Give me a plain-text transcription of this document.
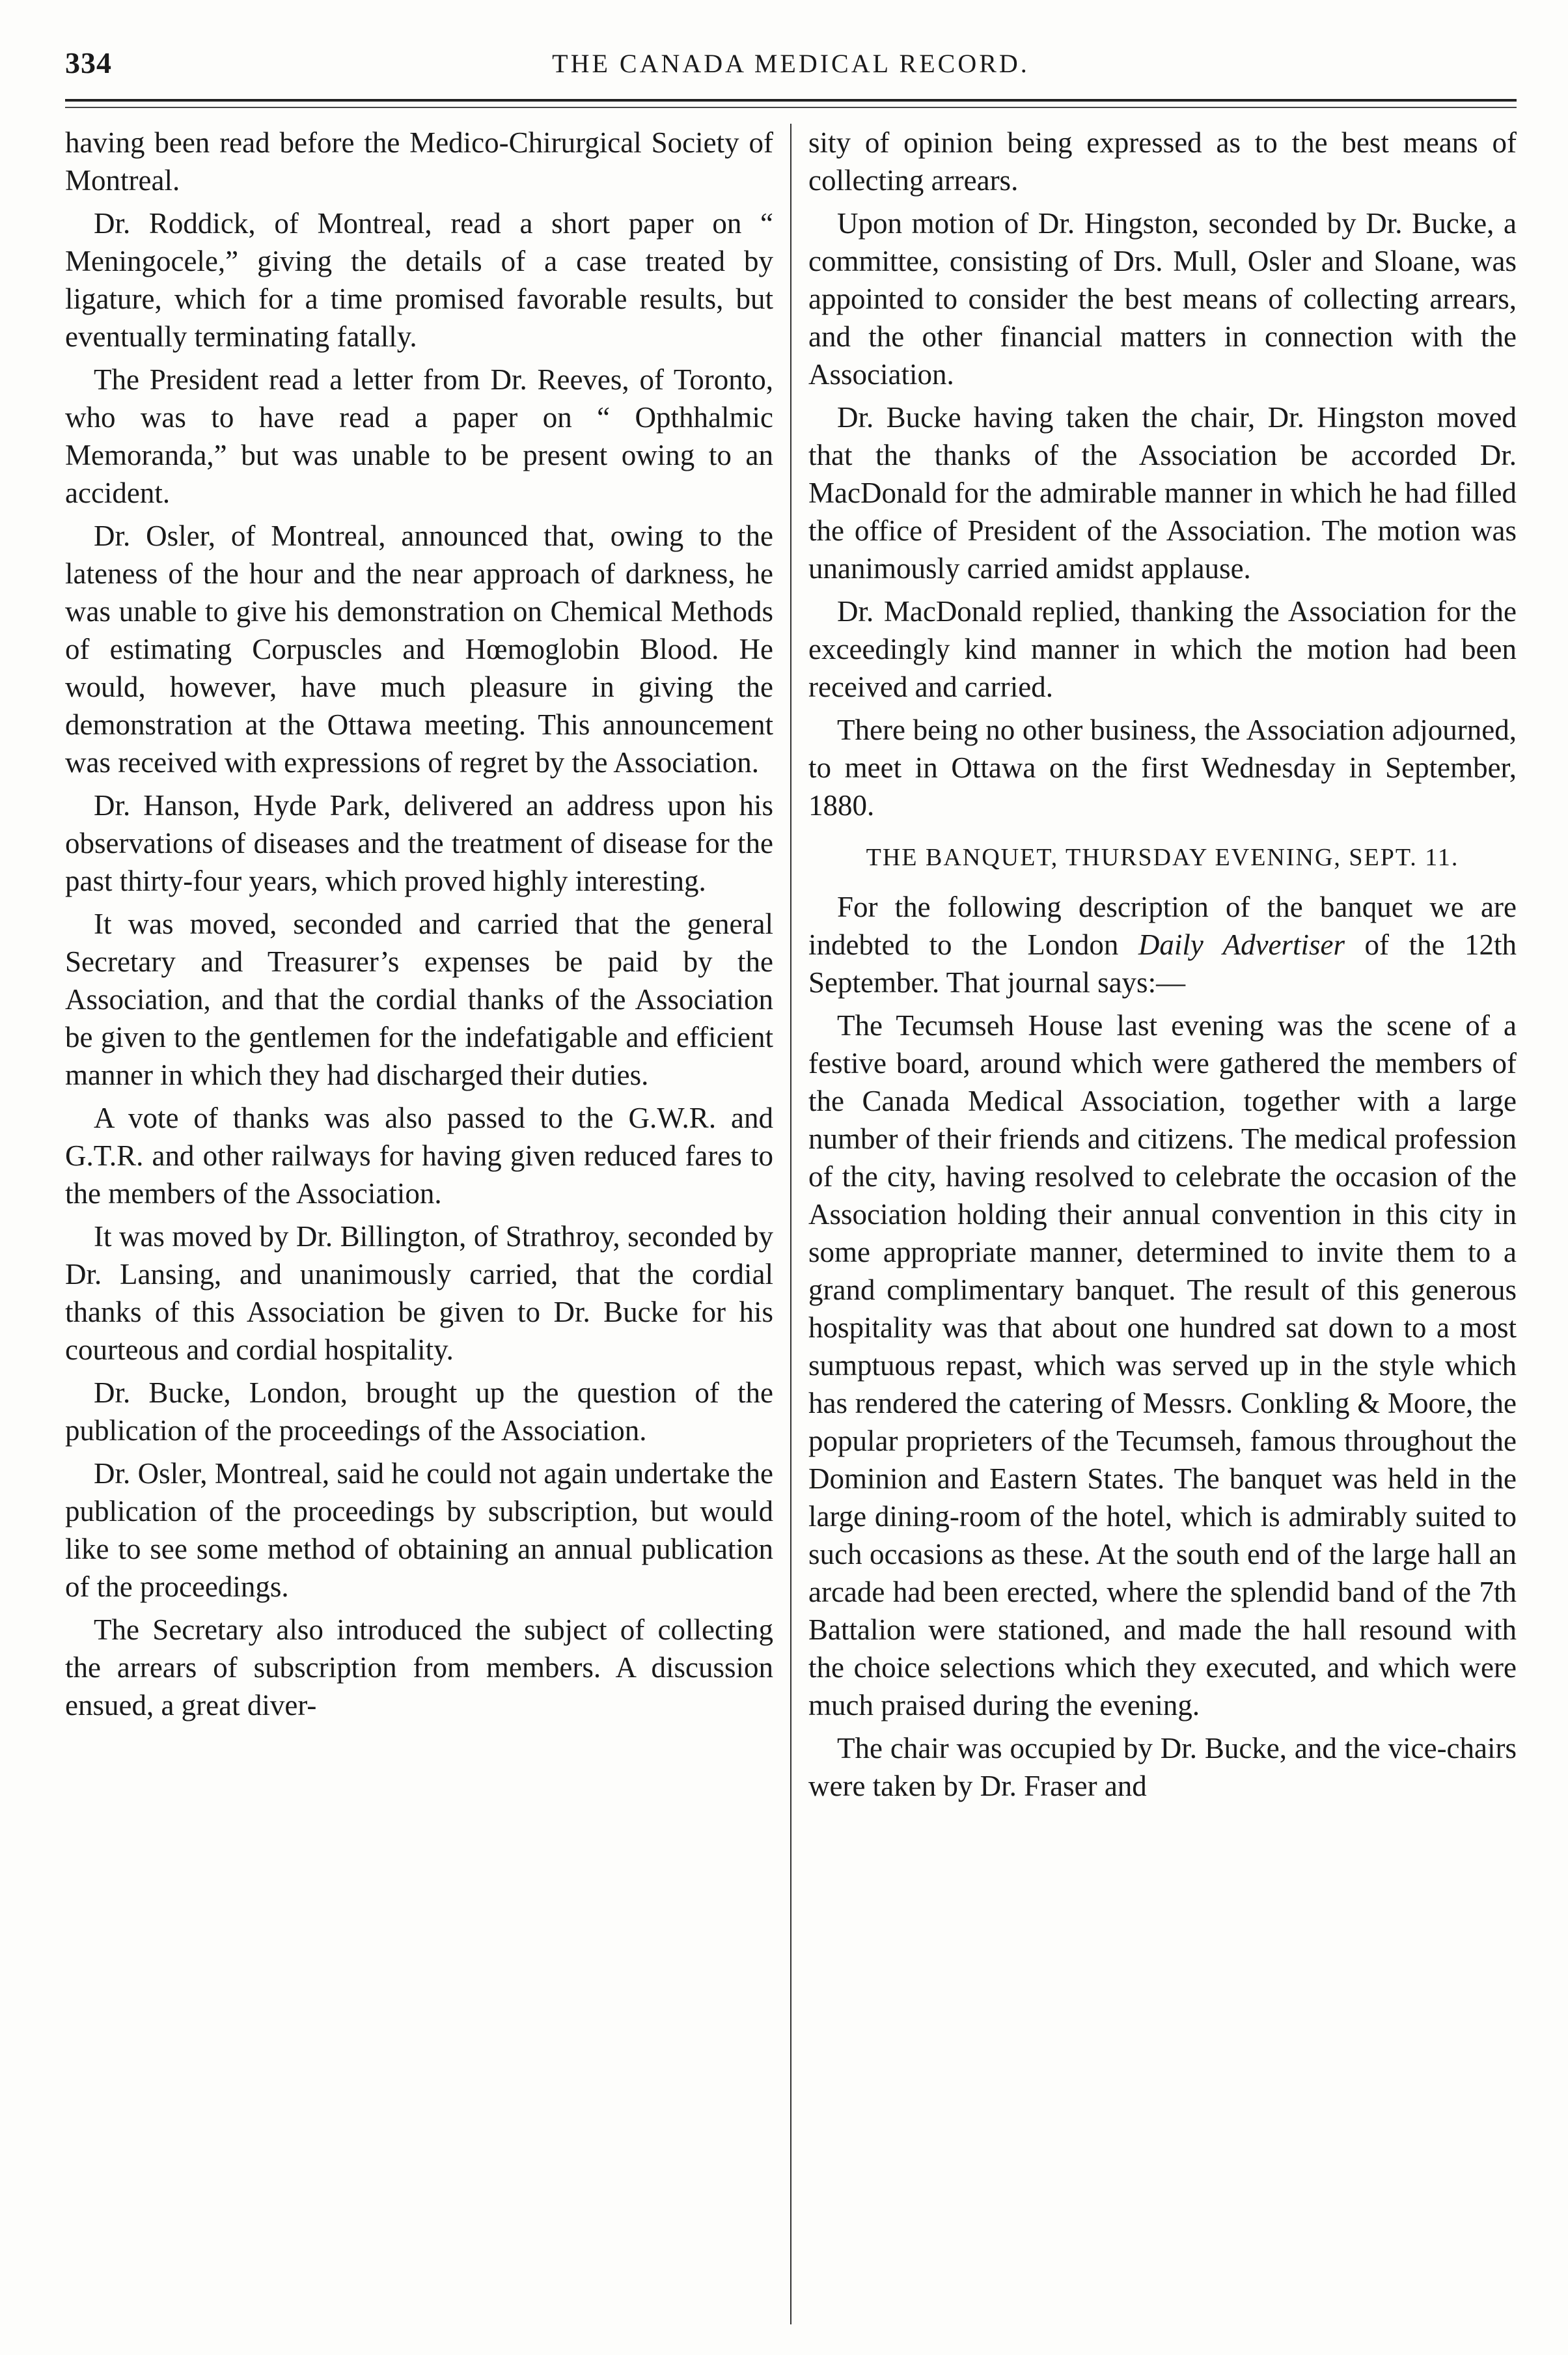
334	THE CANADA MEDICAL RECORD.

having been read before the Medico-Chirurgical Society of Montreal.

Dr. Roddick, of Montreal, read a short paper on “ Meningocele,” giving the details of a case treated by ligature, which for a time promised favorable results, but eventually terminating fatally.

The President read a letter from Dr. Reeves, of Toronto, who was to have read a paper on “ Opthhalmic Memoranda,” but was unable to be present owing to an accident.

Dr. Osler, of Montreal, announced that, owing to the lateness of the hour and the near approach of darkness, he was unable to give his demonstration on Chemical Methods of estimating Corpuscles and Hœmoglobin Blood. He would, however, have much pleasure in giving the demonstration at the Ottawa meeting. This announcement was received with expressions of regret by the Association.

Dr. Hanson, Hyde Park, delivered an address upon his observations of diseases and the treatment of disease for the past thirty-four years, which proved highly interesting.

It was moved, seconded and carried that the general Secretary and Treasurer’s expenses be paid by the Association, and that the cordial thanks of the Association be given to the gentlemen for the indefatigable and efficient manner in which they had discharged their duties.

A vote of thanks was also passed to the G.W.R. and G.T.R. and other railways for having given reduced fares to the members of the Association.

It was moved by Dr. Billington, of Strathroy, seconded by Dr. Lansing, and unanimously carried, that the cordial thanks of this Association be given to Dr. Bucke for his courteous and cordial hospitality.

Dr. Bucke, London, brought up the question of the publication of the proceedings of the Association.

Dr. Osler, Montreal, said he could not again undertake the publication of the proceedings by subscription, but would like to see some method of obtaining an annual publication of the proceedings.

The Secretary also introduced the subject of collecting the arrears of subscription from members. A discussion ensued, a great diver-

sity of opinion being expressed as to the best means of collecting arrears.

Upon motion of Dr. Hingston, seconded by Dr. Bucke, a committee, consisting of Drs. Mull, Osler and Sloane, was appointed to consider the best means of collecting arrears, and the other financial matters in connection with the Association.

Dr. Bucke having taken the chair, Dr. Hingston moved that the thanks of the Association be accorded Dr. MacDonald for the admirable manner in which he had filled the office of President of the Association. The motion was unanimously carried amidst applause.

Dr. MacDonald replied, thanking the Association for the exceedingly kind manner in which the motion had been received and carried.

There being no other business, the Association adjourned, to meet in Ottawa on the first Wednesday in September, 1880.

THE BANQUET, THURSDAY EVENING, SEPT. 11.

For the following description of the banquet we are indebted to the London Daily Advertiser of the 12th September. That journal says:—

The Tecumseh House last evening was the scene of a festive board, around which were gathered the members of the Canada Medical Association, together with a large number of their friends and citizens. The medical profession of the city, having resolved to celebrate the occasion of the Association holding their annual convention in this city in some appropriate manner, determined to invite them to a grand complimentary banquet. The result of this generous hospitality was that about one hundred sat down to a most sumptuous repast, which was served up in the style which has rendered the catering of Messrs. Conkling & Moore, the popular proprieters of the Tecumseh, famous throughout the Dominion and Eastern States. The banquet was held in the large dining-room of the hotel, which is admirably suited to such occasions as these. At the south end of the large hall an arcade had been erected, where the splendid band of the 7th Battalion were stationed, and made the hall resound with the choice selections which they executed, and which were much praised during the evening.

The chair was occupied by Dr. Bucke, and the vice-chairs were taken by Dr. Fraser and
